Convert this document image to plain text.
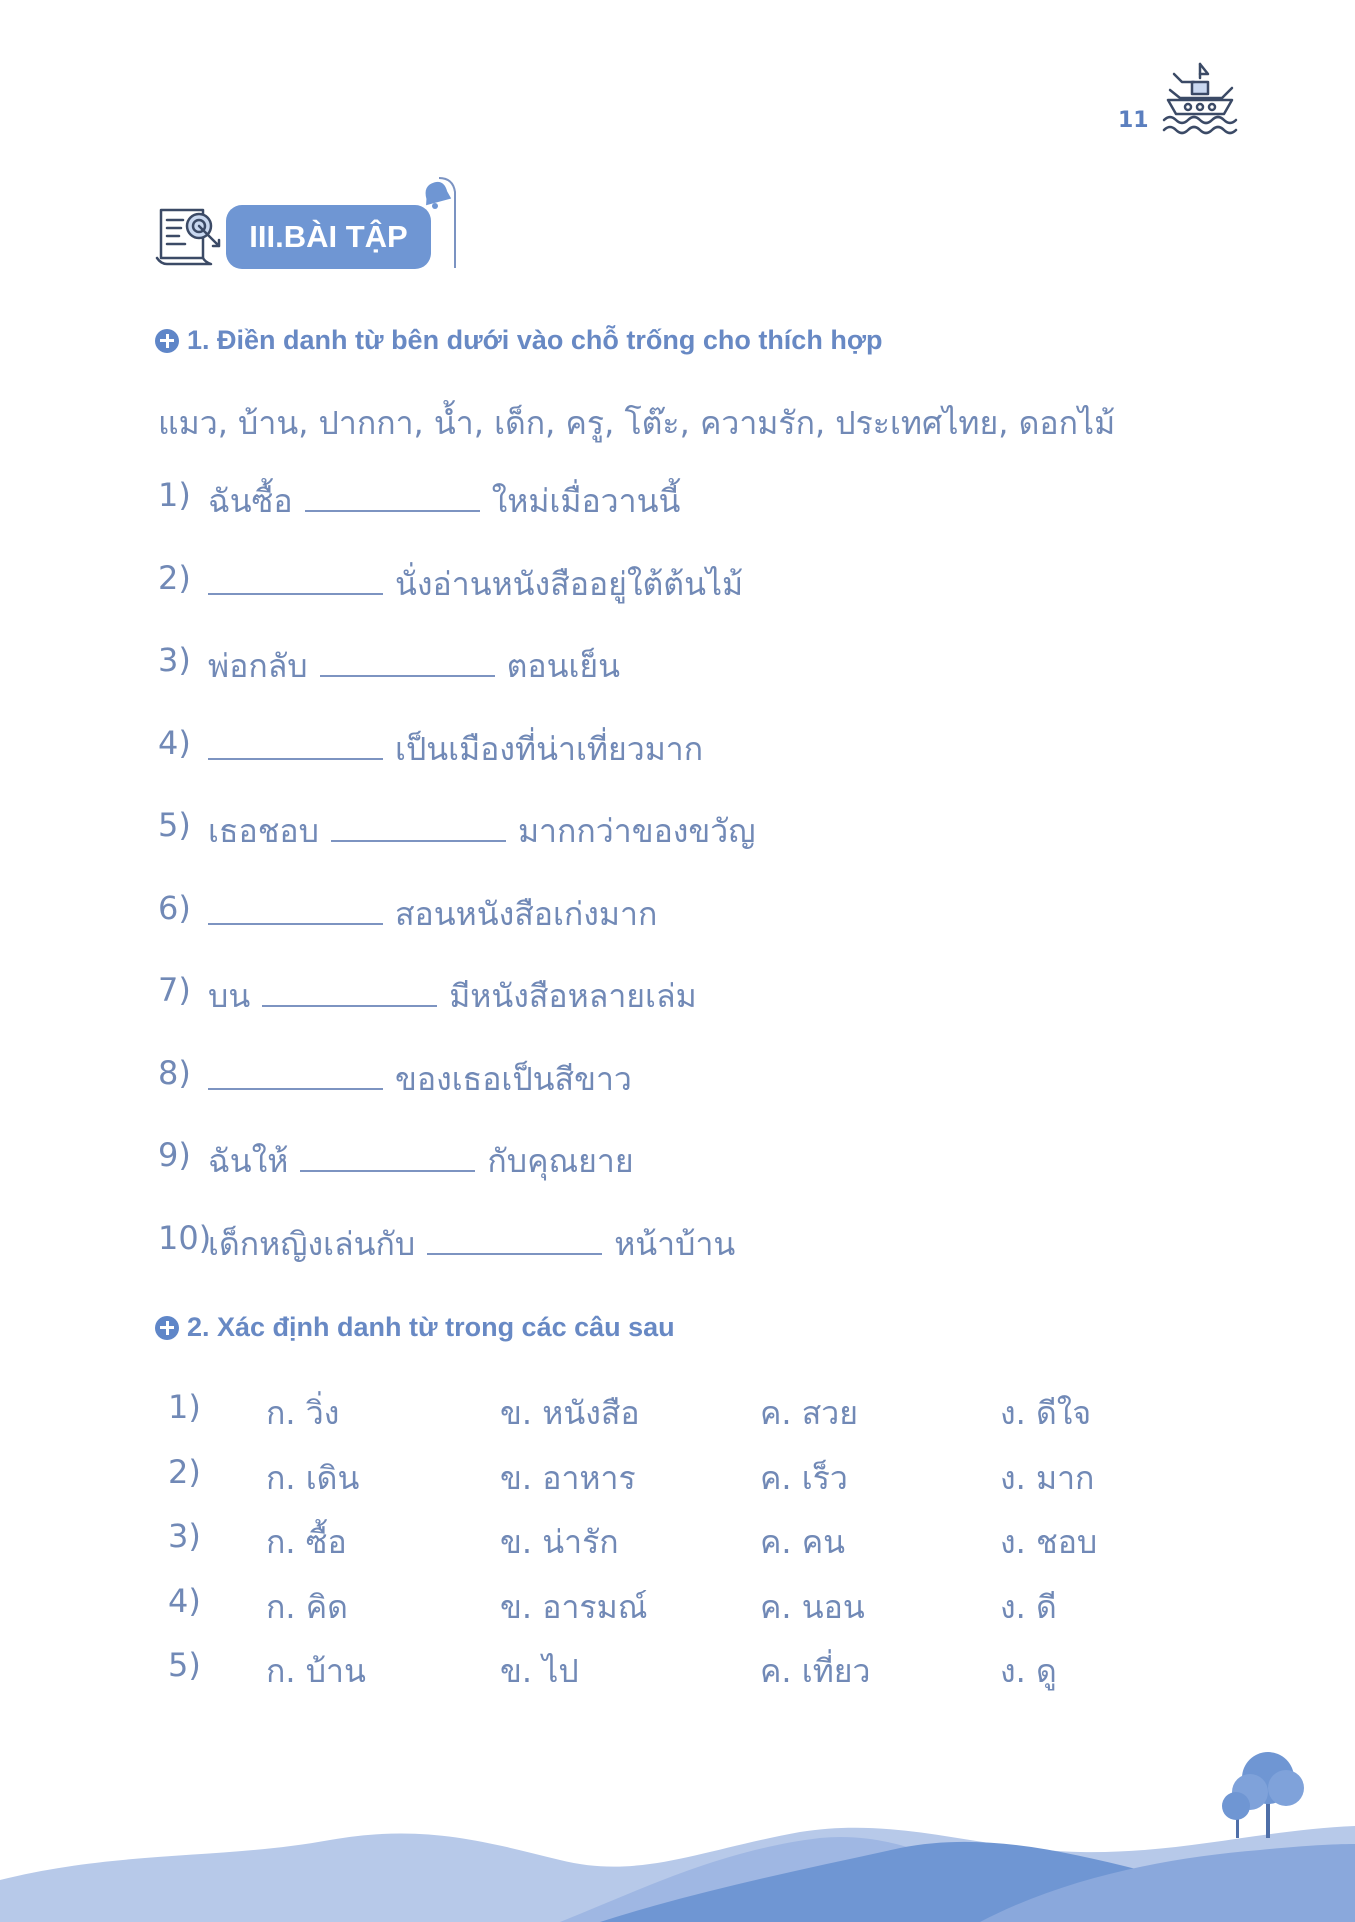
11
III.BÀI TẬP
1. Điền danh từ bên dưới vào chỗ trống cho thích hợp
แมว, บ้าน, ปากกา, น้ำ, เด็ก, ครู, โต๊ะ, ความรัก, ประเทศไทย, ดอกไม้
1) ฉันซื้อ	ใหม่เมื่อวานนี้
2)	นั่งอ่านหนังสืออยู่ใต้ต้นไม้
3) พ่อกลับ	ตอนเย็น
4)	เป็นเมืองที่น่าเที่ยวมาก
5) เธอชอบ	มากกว่าของขวัญ
6)	สอนหนังสือเก่งมาก
7) บน	มีหนังสือหลายเล่ม
8)	ของเธอเป็นสีขาว
9) ฉันให้	กับคุณยาย
10)
เด็กหญิงเล่นกับ	หน้าบ้าน
2. Xác định danh từ trong các câu sau
1) ก. วิ่ง	ข. หนังสือ	ค. สวย	ง. ดีใจ
2) ก. เดิน	ข. อาหาร	ค. เร็ว	ง. มาก
3) ก. ซื้อ	ข. น่ารัก	ค. คน	ง. ชอบ
4) ก. คิด	ข. อารมณ์	ค. นอน	ง. ดี
5) ก. บ้าน	ข. ไป	ค. เที่ยว	ง. ดู
